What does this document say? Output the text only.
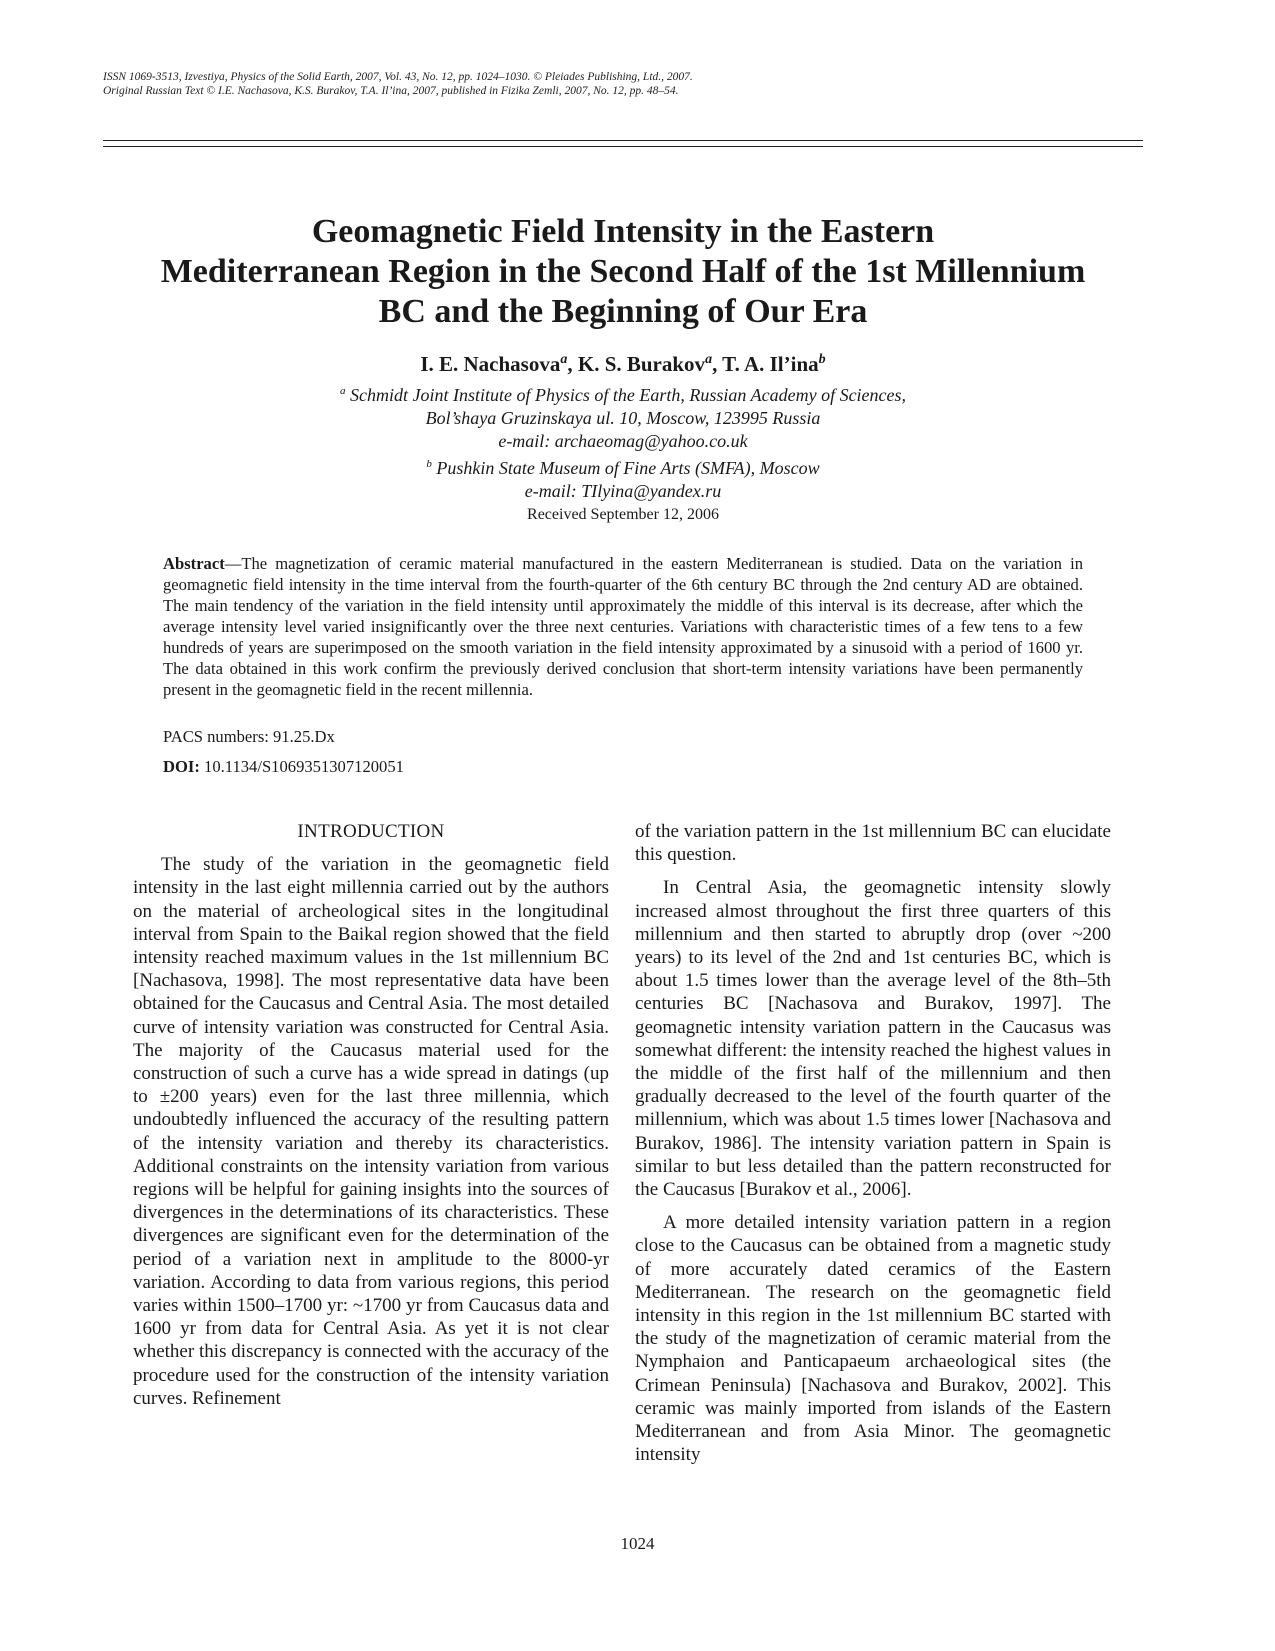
ISSN 1069-3513, Izvestiya, Physics of the Solid Earth, 2007, Vol. 43, No. 12, pp. 1024–1030. © Pleiades Publishing, Ltd., 2007.
Original Russian Text © I.E. Nachasova, K.S. Burakov, T.A. Il’ina, 2007, published in Fizika Zemli, 2007, No. 12, pp. 48–54.
Geomagnetic Field Intensity in the Eastern
Mediterranean Region in the Second Half of the 1st Millennium
BC and the Beginning of Our Era
I. E. Nachasova$^a$, K. S. Burakov$^a$, T. A. Il’ina$^b$
$^a$ Schmidt Joint Institute of Physics of the Earth, Russian Academy of Sciences,
Bol’shaya Gruzinskaya ul. 10, Moscow, 123995 Russia
e-mail: archaeomag@yahoo.co.uk
$^b$ Pushkin State Museum of Fine Arts (SMFA), Moscow
e-mail: TIlyina@yandex.ru
Received September 12, 2006

Abstract—The magnetization of ceramic material manufactured in the eastern Mediterranean is studied. Data on the variation in geomagnetic field intensity in the time interval from the fourth-quarter of the 6th century BC through the 2nd century AD are obtained. The main tendency of the variation in the field intensity until approximately the middle of this interval is its decrease, after which the average intensity level varied insignificantly over the three next centuries. Variations with characteristic times of a few tens to a few hundreds of years are superimposed on the smooth variation in the field intensity approximated by a sinusoid with a period of 1600 yr. The data obtained in this work confirm the previously derived conclusion that short-term intensity variations have been permanently present in the geomagnetic field in the recent millennia.

PACS numbers: 91.25.Dx
DOI: 10.1134/S1069351307120051
INTRODUCTION

The study of the variation in the geomagnetic field intensity in the last eight millennia carried out by the authors on the material of archeological sites in the longitudinal interval from Spain to the Baikal region showed that the field intensity reached maximum values in the 1st millennium BC [Nachasova, 1998]. The most representative data have been obtained for the Caucasus and Central Asia. The most detailed curve of intensity variation was constructed for Central Asia. The majority of the Caucasus material used for the construction of such a curve has a wide spread in datings (up to ±200 years) even for the last three millennia, which undoubtedly influenced the accuracy of the resulting pattern of the intensity variation and thereby its characteristics. Additional constraints on the intensity variation from various regions will be helpful for gaining insights into the sources of divergences in the determinations of its characteristics. These divergences are significant even for the determination of the period of a variation next in amplitude to the 8000-yr variation. According to data from various regions, this period varies within 1500–1700 yr: ~1700 yr from Caucasus data and 1600 yr from data for Central Asia. As yet it is not clear whether this discrepancy is connected with the accuracy of the procedure used for the construction of the intensity variation curves. Refinement

of the variation pattern in the 1st millennium BC can elucidate this question.

In Central Asia, the geomagnetic intensity slowly increased almost throughout the first three quarters of this millennium and then started to abruptly drop (over ~200 years) to its level of the 2nd and 1st centuries BC, which is about 1.5 times lower than the average level of the 8th–5th centuries BC [Nachasova and Burakov, 1997]. The geomagnetic intensity variation pattern in the Caucasus was somewhat different: the intensity reached the highest values in the middle of the first half of the millennium and then gradually decreased to the level of the fourth quarter of the millennium, which was about 1.5 times lower [Nachasova and Burakov, 1986]. The intensity variation pattern in Spain is similar to but less detailed than the pattern reconstructed for the Caucasus [Burakov et al., 2006].

A more detailed intensity variation pattern in a region close to the Caucasus can be obtained from a magnetic study of more accurately dated ceramics of the Eastern Mediterranean. The research on the geomagnetic field intensity in this region in the 1st millennium BC started with the study of the magnetization of ceramic material from the Nymphaion and Panticapaeum archaeological sites (the Crimean Peninsula) [Nachasova and Burakov, 2002]. This ceramic was mainly imported from islands of the Eastern Mediterranean and from Asia Minor. The geomagnetic intensity

1024
